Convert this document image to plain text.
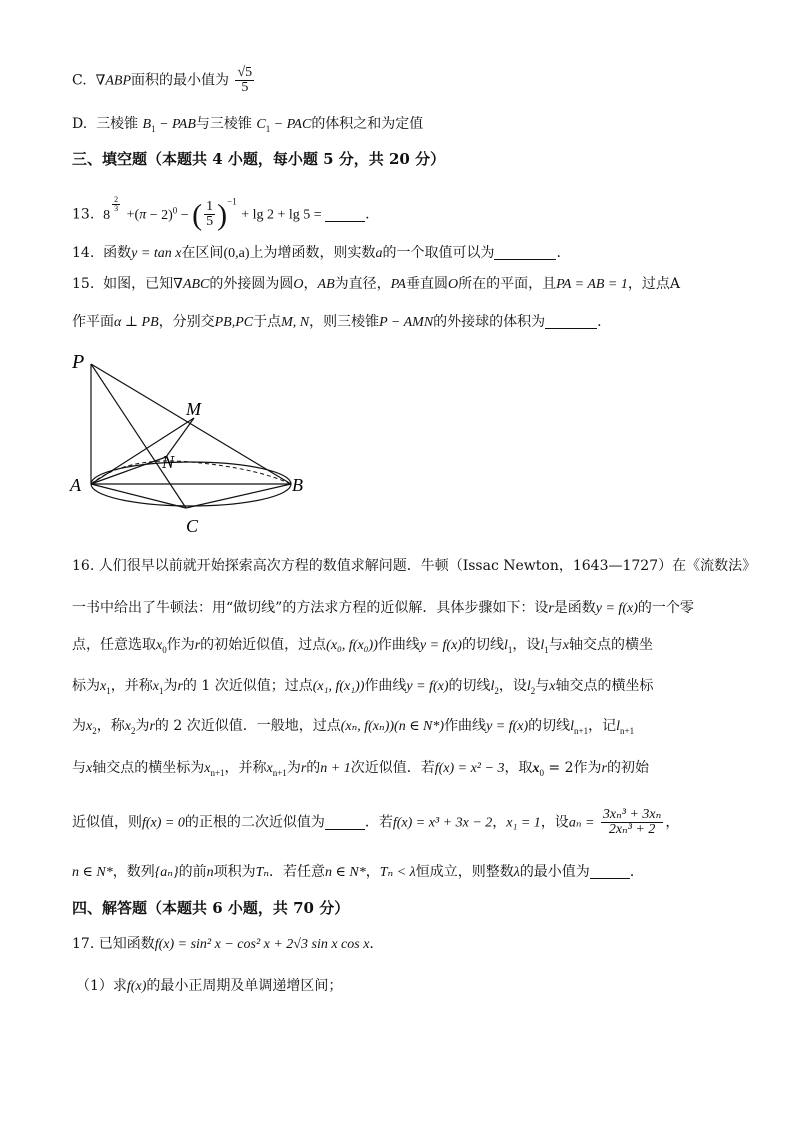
C. ∇ABP面积的最小值为 $\frac{√5}{5}$
D. 三棱锥 $B_1$ − PAB与三棱锥 $C_1$ − PAC的体积之和为定值
三、填空题（本题共 4 小题，每小题 5 分，共 20 分）
13. 8
$^{\frac{2}{3}}$
$+(\pi - 2)^0$ − ( $\frac{1}{5} )^{-1} + \lg 2 + \lg 5$ =	.
14. 函数y = tan x在区间(0,a)上为增函数，则实数a的一个取值可以为	.
15. 如图，已知∇ABC的外接圆为圆O，AB为直径，PA垂直圆O所在的平面，且PA = AB = 1，过点A
作平面α ⊥ PB，分别交PB,PC于点M, N，则三棱锥P − AMN的外接球的体积为	.
P
M
N
A	B
C
16. 人们很早以前就开始探索高次方程的数值求解问题．牛顿（Issac Newton，1643—1727）在《流数法》
一书中给出了牛顿法：用“做切线”的方法求方程的近似解．具体步骤如下：设r是函数y = f(x)的一个零
点，任意选取$x_0$作为r的初始近似值，过点(x₀, f(x₀))作曲线y = f(x)的切线$l_1$，设$l_1$与x轴交点的横坐
标为$x_1$，并称$x_1$为r的 1 次近似值；过点(x₁, f(x₁))作曲线y = f(x)的切线$l_2$，设$l_2$与x轴交点的横坐标
为$x_2$，称$x_2$为r的 2 次近似值．一般地，过点(xₙ, f(xₙ))(n ∈ N*)作曲线y = f(x)的切线$l_{n+1}$，记$l_{n+1}$
与x轴交点的横坐标为$x_{n+1}$，并称$x_{n+1}$为r的n + 1次近似值．若f(x) = x² − 3，取$x_0 = 2$作为r的初始
近似值，则f(x) = 0的正根的二次近似值为	．若f(x) = x³ + 3x − 2，x₁ = 1，设$a_n = \frac{\text{3xₙ³ + 3xₙ}}{\text{2xₙ³ + 2}}$ ，
n ∈ N*，数列{aₙ}的前n项积为Tₙ．若任意n ∈ N*，Tₙ < λ恒成立，则整数λ的最小值为	．
四、解答题（本题共 6 小题，共 70 分）
17. 已知函数f(x) = sin² x − cos² x + 2√3 sin x cos x.
（1）求f(x)的最小正周期及单调递增区间；
